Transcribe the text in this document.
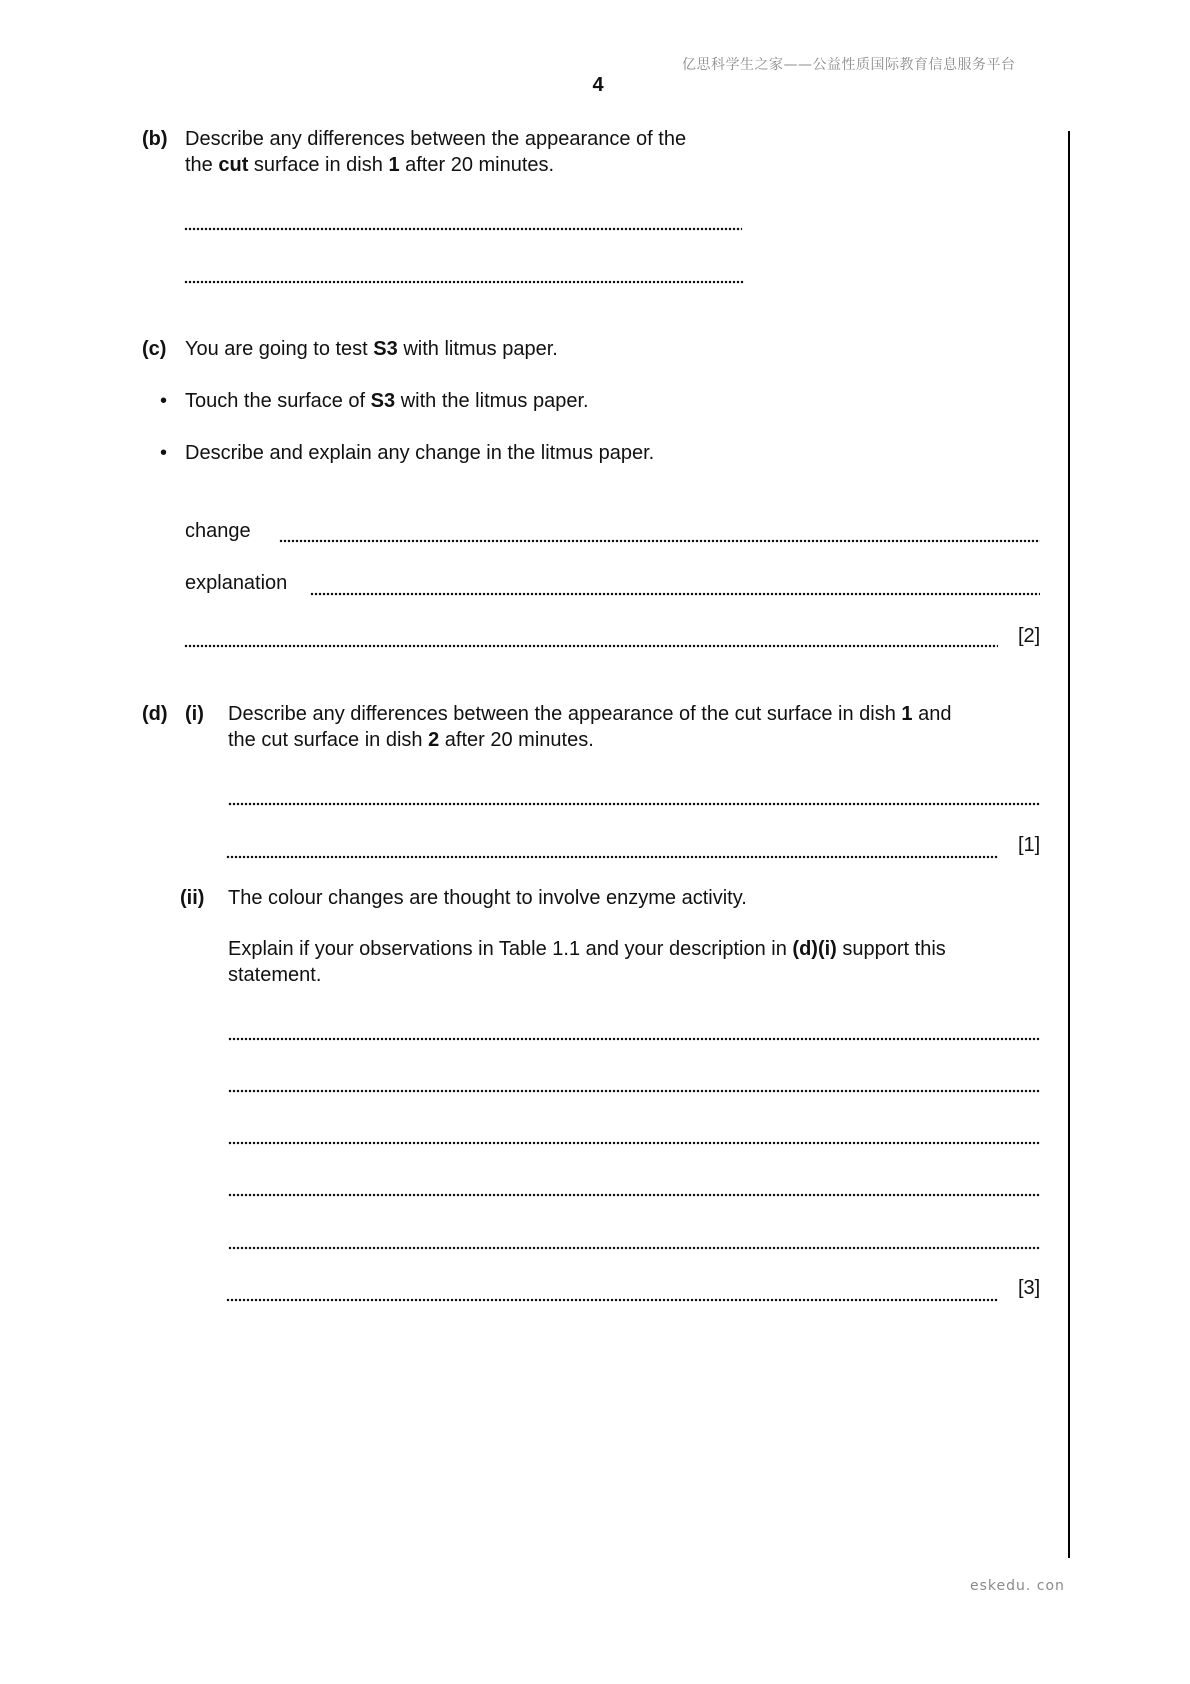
亿思科学生之家——公益性质国际教育信息服务平台
4
eskedu. con
(b) Describe any differences between the appearance of the
the cut surface in dish 1 after 20 minutes.
(c) You are going to test S3 with litmus paper.
• Touch the surface of S3 with the litmus paper.
• Describe and explain any change in the litmus paper.
change
explanation
[2]
(d) (i) Describe any differences between the appearance of the cut surface in dish 1 and
the cut surface in dish 2 after 20 minutes.
[1]
(ii) The colour changes are thought to involve enzyme activity.
Explain if your observations in Table 1.1 and your description in (d)(i) support this
statement.
[3]
